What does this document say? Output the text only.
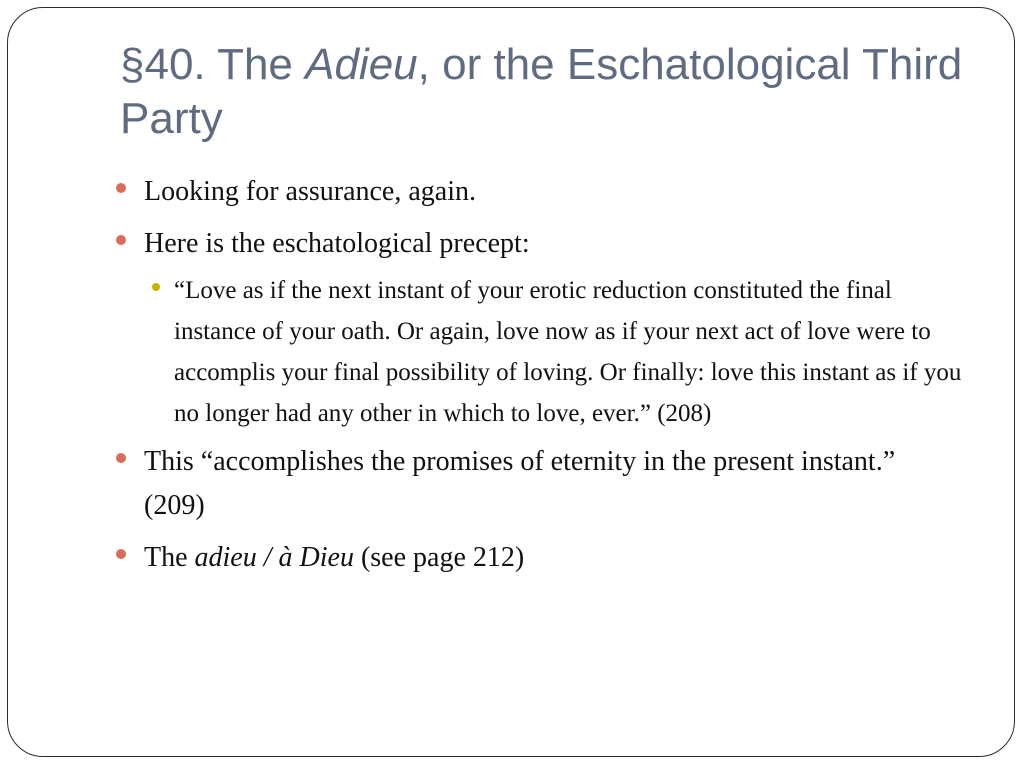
§40. The Adieu, or the Eschatological Third Party

Looking for assurance, again.

Here is the eschatological precept:

“Love as if the next instant of your erotic reduction constituted the final instance of your oath. Or again, love now as if your next act of love were to accomplis your final possibility of loving. Or finally: love this instant as if you no longer had any other in which to love, ever.” (208)

This “accomplishes the promises of eternity in the present instant.” (209)

The adieu / à Dieu (see page 212)
